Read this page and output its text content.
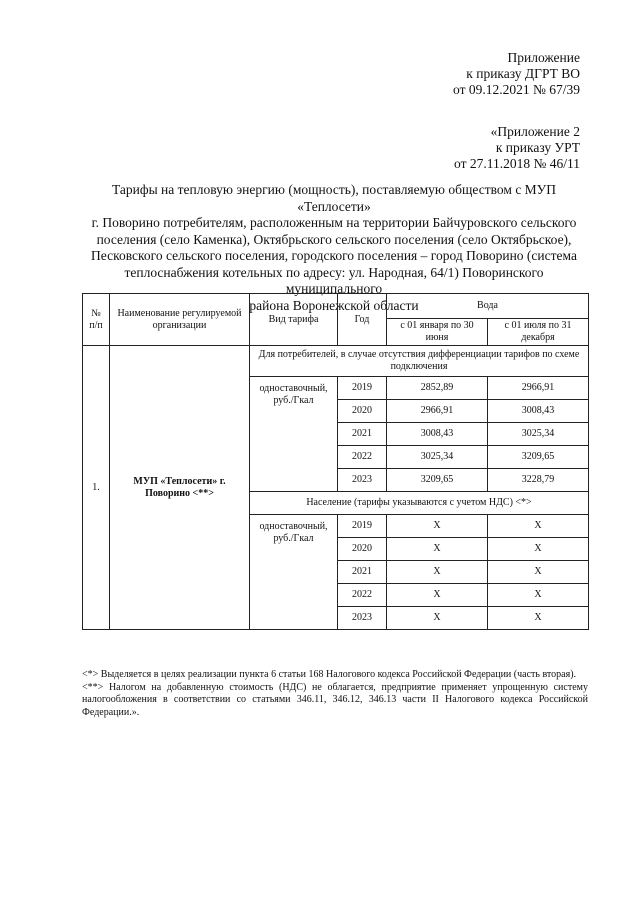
Приложение
к приказу ДГРТ ВО
от 09.12.2021 № 67/39
«Приложение 2
к приказу УРТ
от 27.11.2018 № 46/11
Тарифы на тепловую энергию (мощность), поставляемую обществом с МУП «Теплосети»
г. Поворино потребителям, расположенным на территории Байчуровского сельского
поселения (село Каменка), Октябрьского сельского поселения (село Октябрьское),
Песковского сельского поселения, городского поселения – город Поворино (система
теплоснабжения котельных по адресу: ул. Народная, 64/1) Поворинского муниципального
района Воронежской области
№ п/п	Наименование регулируемой организации	Вид тарифа	Год	Вода	
				с 01 января по 30 июня	с 01 июля по 31 декабря
1.	МУП «Теплосети» г. Поворино <**>	Для потребителей, в случае отсутствия дифференциации тарифов по схеме подключения			
		одноставочный, руб./Гкал	2019	2852,89	2966,91
			2020	2966,91	3008,43
			2021	3008,43	3025,34
			2022	3025,34	3209,65
			2023	3209,65	3228,79
		Население (тарифы указываются с учетом НДС) <*>			
		одноставочный, руб./Гкал	2019	Х	Х
			2020	Х	Х
			2021	Х	Х
			2022	Х	Х
			2023	Х	Х

<*> Выделяется в целях реализации пункта 6 статьи 168 Налогового кодекса Российской Федерации (часть вторая).

<**> Налогом на добавленную стоимость (НДС) не облагается, предприятие применяет упрощенную систему налогообложения в соответствии со статьями 346.11, 346.12, 346.13 части II Налогового кодекса Российской Федерации.».
